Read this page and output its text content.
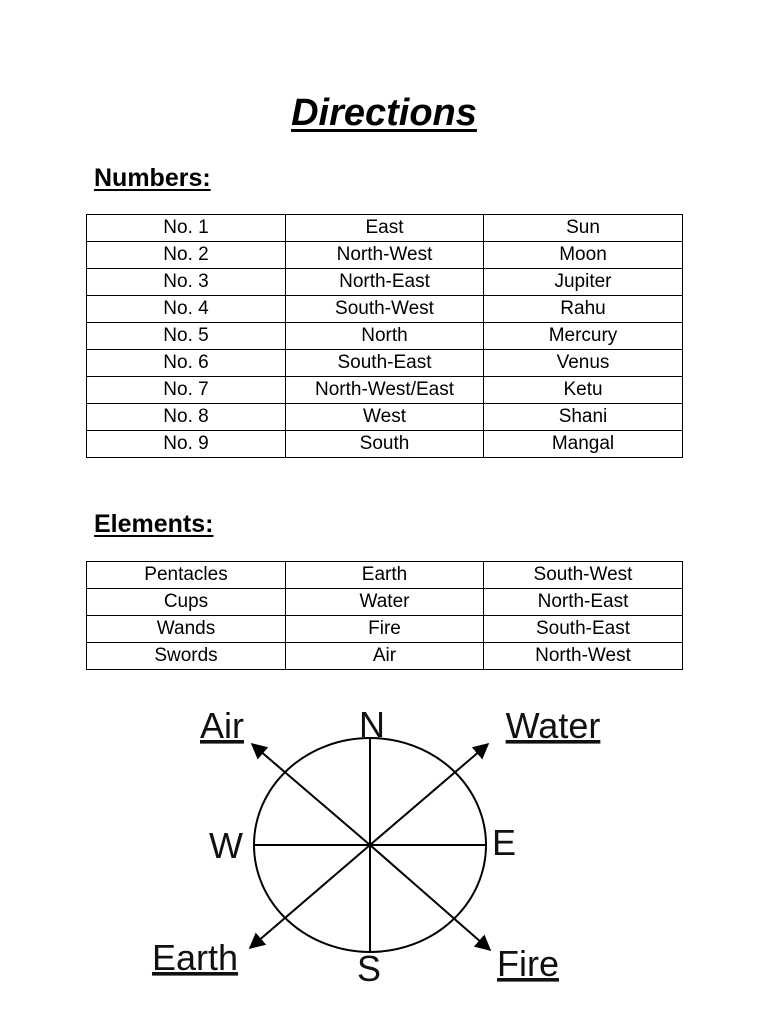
Directions
Numbers:
No. 1	East	Sun
No. 2	North-West	Moon
No. 3	North-East	Jupiter
No. 4	South-West	Rahu
No. 5	North	Mercury
No. 6	South-East	Venus
No. 7	North-West/East	Ketu
No. 8	West	Shani
No. 9	South	Mangal
Elements:
Pentacles	Earth	South-West
Cups	Water	North-East
Wands	Fire	South-East
Swords	Air	North-West
N
S
E
W
Air	Water
Earth	Fire
